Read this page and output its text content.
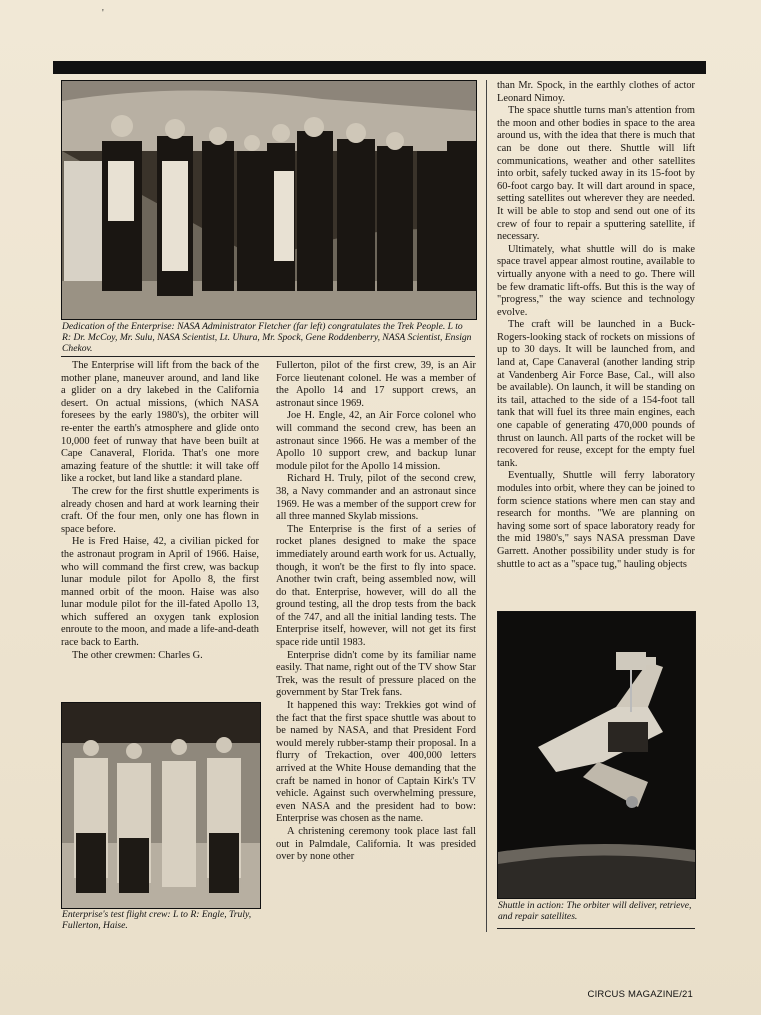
'
Dedication of the Enterprise: NASA Administrator Fletcher (far left) congratulates the Trek People. L to R: Dr. McCoy, Mr. Sulu, NASA Scientist, Lt. Uhura, Mr. Spock, Gene Roddenberry, NASA Scientist, Ensign Chekov.

The Enterprise will lift from the back of the mother plane, maneuver around, and land like a glider on a dry lakebed in the California desert. On actual missions, (which NASA foresees by the early 1980's), the orbiter will re-enter the earth's atmosphere and glide onto 10,000 feet of runway that have been built at Cape Canaveral, Florida. That's one more amazing feature of the shuttle: it will take off like a rocket, but land like a standard plane.

The crew for the first shuttle experiments is already chosen and hard at work learning their craft. Of the four men, only one has flown in space before.

He is Fred Haise, 42, a civilian picked for the astronaut program in April of 1966. Haise, who will command the first crew, was backup lunar module pilot for Apollo 8, the first manned orbit of the moon. Haise was also lunar module pilot for the ill-fated Apollo 13, which suffered an oxygen tank explosion enroute to the moon, and made a life-and-death race back to Earth.

The other crewmen: Charles G.

Enterprise's test flight crew: L to R: Engle, Truly, Fullerton, Haise.

Fullerton, pilot of the first crew, 39, is an Air Force lieutenant colonel. He was a member of the Apollo 14 and 17 support crews, an astronaut since 1969.

Joe H. Engle, 42, an Air Force colonel who will command the second crew, has been an astronaut since 1966. He was a member of the Apollo 10 support crew, and backup lunar module pilot for the Apollo 14 mission.

Richard H. Truly, pilot of the second crew, 38, a Navy commander and an astronaut since 1969. He was a member of the support crew for all three manned Skylab missions.

The Enterprise is the first of a series of rocket planes designed to make the space immediately around earth work for us. Actually, though, it won't be the first to fly into space. Another twin craft, being assembled now, will do that. Enterprise, however, will do all the ground testing, all the drop tests from the back of the 747, and all the initial landing tests. The Enterprise itself, however, will not get its first space ride until 1983.

Enterprise didn't come by its familiar name easily. That name, right out of the TV show Star Trek, was the result of pressure placed on the government by Star Trek fans.

It happened this way: Trekkies got wind of the fact that the first space shuttle was about to be named by NASA, and that President Ford would merely rubber-stamp their proposal. In a flurry of Trekaction, over 400,000 letters arrived at the White House demanding that the craft be named in honor of Captain Kirk's TV vehicle. Against such overwhelming pressure, even NASA and the president had to bow: Enterprise was chosen as the name.

A christening ceremony took place last fall out in Palmdale, California. It was presided over by none other

than Mr. Spock, in the earthly clothes of actor Leonard Nimoy.

The space shuttle turns man's attention from the moon and other bodies in space to the area around us, with the idea that there is much that can be done out there. Shuttle will lift communications, weather and other satellites into orbit, safely tucked away in its 15-foot by 60-foot cargo bay. It will dart around in space, setting satellites out wherever they are needed. It will be able to stop and send out one of its crew of four to repair a sputtering satellite, if necessary.

Ultimately, what shuttle will do is make space travel appear almost routine, available to virtually anyone with a need to go. There will be few dramatic lift-offs. But this is the way of "progress," the way science and technology evolve.

The craft will be launched in a Buck-Rogers-looking stack of rockets on missions of up to 30 days. It will be launched from, and land at, Cape Canaveral (another landing strip at Vandenberg Air Force Base, Cal., will also be available). On launch, it will be standing on its tail, attached to the side of a 154-foot tall tank that will fuel its three main engines, each one capable of generating 470,000 pounds of thrust on launch. All parts of the rocket will be recovered for reuse, except for the empty fuel tank.

Eventually, Shuttle will ferry laboratory modules into orbit, where they can be joined to form science stations where men can stay and research for months. "We are planning on having some sort of space laboratory ready for the mid 1980's," says NASA pressman Dave Garrett. Another possibility under study is for shuttle to act as a "space tug," hauling objects

Shuttle in action: The orbiter will deliver, retrieve, and repair satellites.
CIRCUS MAGAZINE/21
